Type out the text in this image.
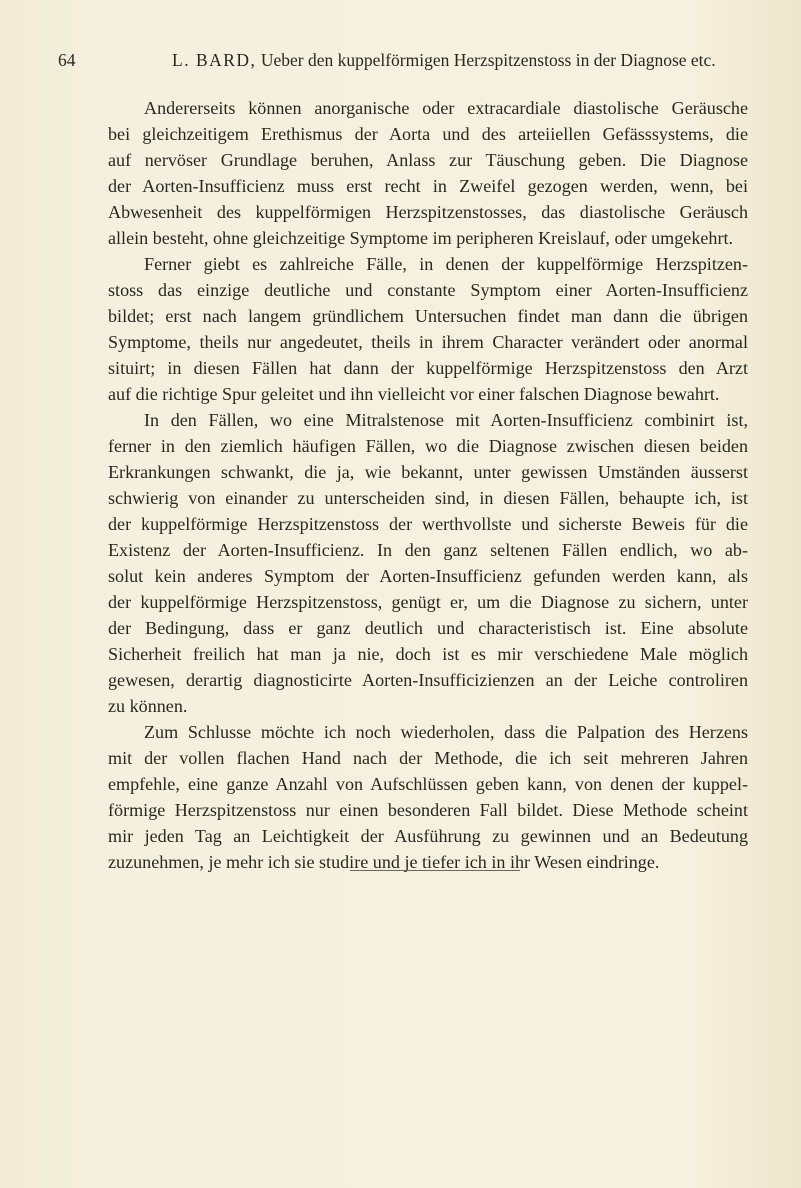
64	L. BARD, Ueber den kuppelförmigen Herzspitzenstoss in der Diagnose etc.
Andererseits können anorganische oder extracardiale diastolische Geräusche
bei gleichzeitigem Erethismus der Aorta und des arteiiellen Gefässsystems, die
auf nervöser Grundlage beruhen, Anlass zur Täuschung geben. Die Diagnose
der Aorten-Insufficienz muss erst recht in Zweifel gezogen werden, wenn, bei
Abwesenheit des kuppelförmigen Herzspitzenstosses, das diastolische Geräusch
allein besteht, ohne gleichzeitige Symptome im peripheren Kreislauf, oder umgekehrt.
Ferner giebt es zahlreiche Fälle, in denen der kuppelförmige Herzspitzen-
stoss das einzige deutliche und constante Symptom einer Aorten-Insufficienz
bildet; erst nach langem gründlichem Untersuchen findet man dann die übrigen
Symptome, theils nur angedeutet, theils in ihrem Character verändert oder anormal
situirt; in diesen Fällen hat dann der kuppelförmige Herzspitzenstoss den Arzt
auf die richtige Spur geleitet und ihn vielleicht vor einer falschen Diagnose bewahrt.
In den Fällen, wo eine Mitralstenose mit Aorten-Insufficienz combinirt ist,
ferner in den ziemlich häufigen Fällen, wo die Diagnose zwischen diesen beiden
Erkrankungen schwankt, die ja, wie bekannt, unter gewissen Umständen äusserst
schwierig von einander zu unterscheiden sind, in diesen Fällen, behaupte ich, ist
der kuppelförmige Herzspitzenstoss der werthvollste und sicherste Beweis für die
Existenz der Aorten-Insufficienz. In den ganz seltenen Fällen endlich, wo ab-
solut kein anderes Symptom der Aorten-Insufficienz gefunden werden kann, als
der kuppelförmige Herzspitzenstoss, genügt er, um die Diagnose zu sichern, unter
der Bedingung, dass er ganz deutlich und characteristisch ist. Eine absolute
Sicherheit freilich hat man ja nie, doch ist es mir verschiedene Male möglich
gewesen, derartig diagnosticirte Aorten-Insufficizienzen an der Leiche controliren
zu können.
Zum Schlusse möchte ich noch wiederholen, dass die Palpation des Herzens
mit der vollen flachen Hand nach der Methode, die ich seit mehreren Jahren
empfehle, eine ganze Anzahl von Aufschlüssen geben kann, von denen der kuppel-
förmige Herzspitzenstoss nur einen besonderen Fall bildet. Diese Methode scheint
mir jeden Tag an Leichtigkeit der Ausführung zu gewinnen und an Bedeutung
zuzunehmen, je mehr ich sie studire und je tiefer ich in ihr Wesen eindringe.
